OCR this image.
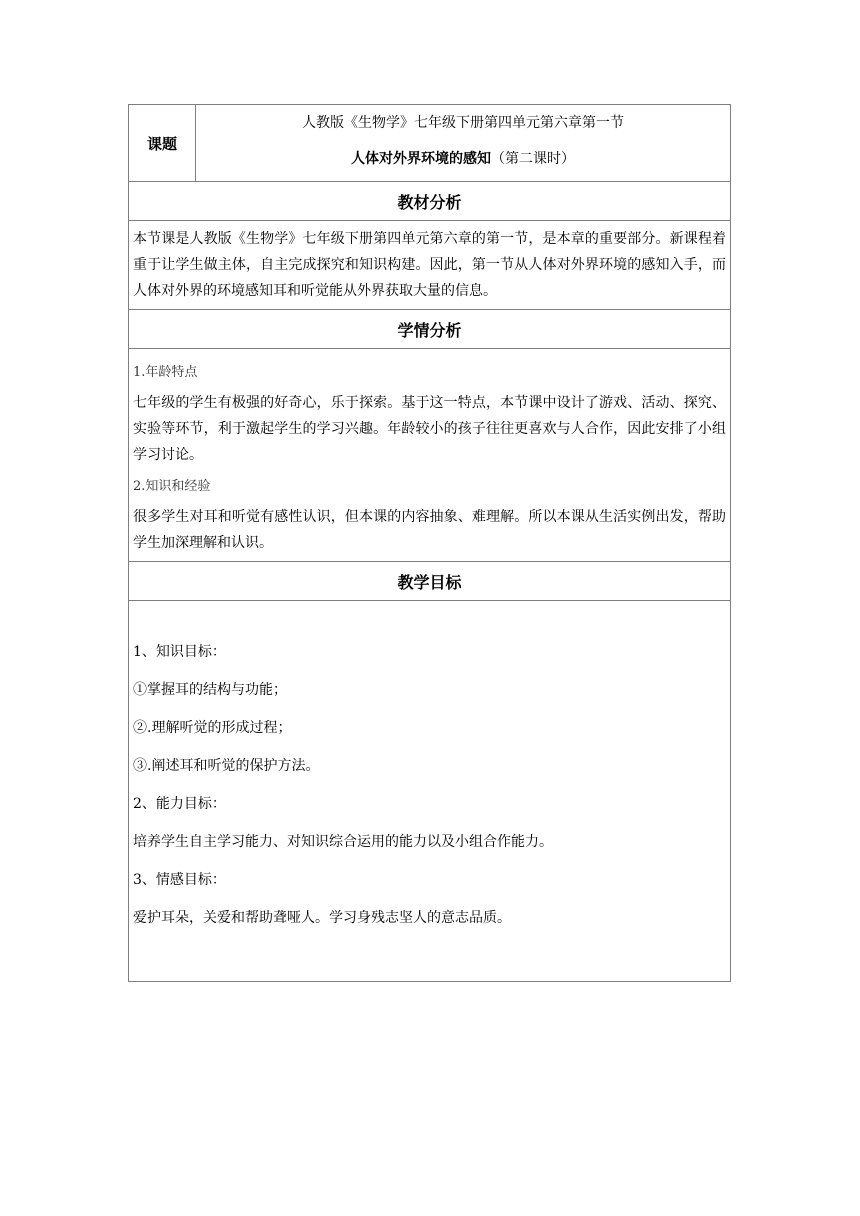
课题	
人教版《生物学》七年级下册第四单元第六章第一节
人体对外界环境的感知（第二课时）

教材分析

本节课是人教版《生物学》七年级下册第四单元第六章的第一节，是本章的重要部分。新课程着重于让学生做主体，自主完成探究和知识构建。因此，第一节从人体对外界环境的感知入手，而人体对外界的环境感知耳和听觉能从外界获取大量的信息。

学情分析

1.年龄特点

七年级的学生有极强的好奇心，乐于探索。基于这一特点，本节课中设计了游戏、活动、探究、实验等环节，利于激起学生的学习兴趣。年龄较小的孩子往往更喜欢与人合作，因此安排了小组学习讨论。

2.知识和经验

很多学生对耳和听觉有感性认识，但本课的内容抽象、难理解。所以本课从生活实例出发，帮助学生加深理解和认识。

教学目标

1、知识目标：

①掌握耳的结构与功能；

②.理解听觉的形成过程；

③.阐述耳和听觉的保护方法。

2、能力目标：

培养学生自主学习能力、对知识综合运用的能力以及小组合作能力。

3、情感目标：

爱护耳朵，关爱和帮助聋哑人。学习身残志坚人的意志品质。
